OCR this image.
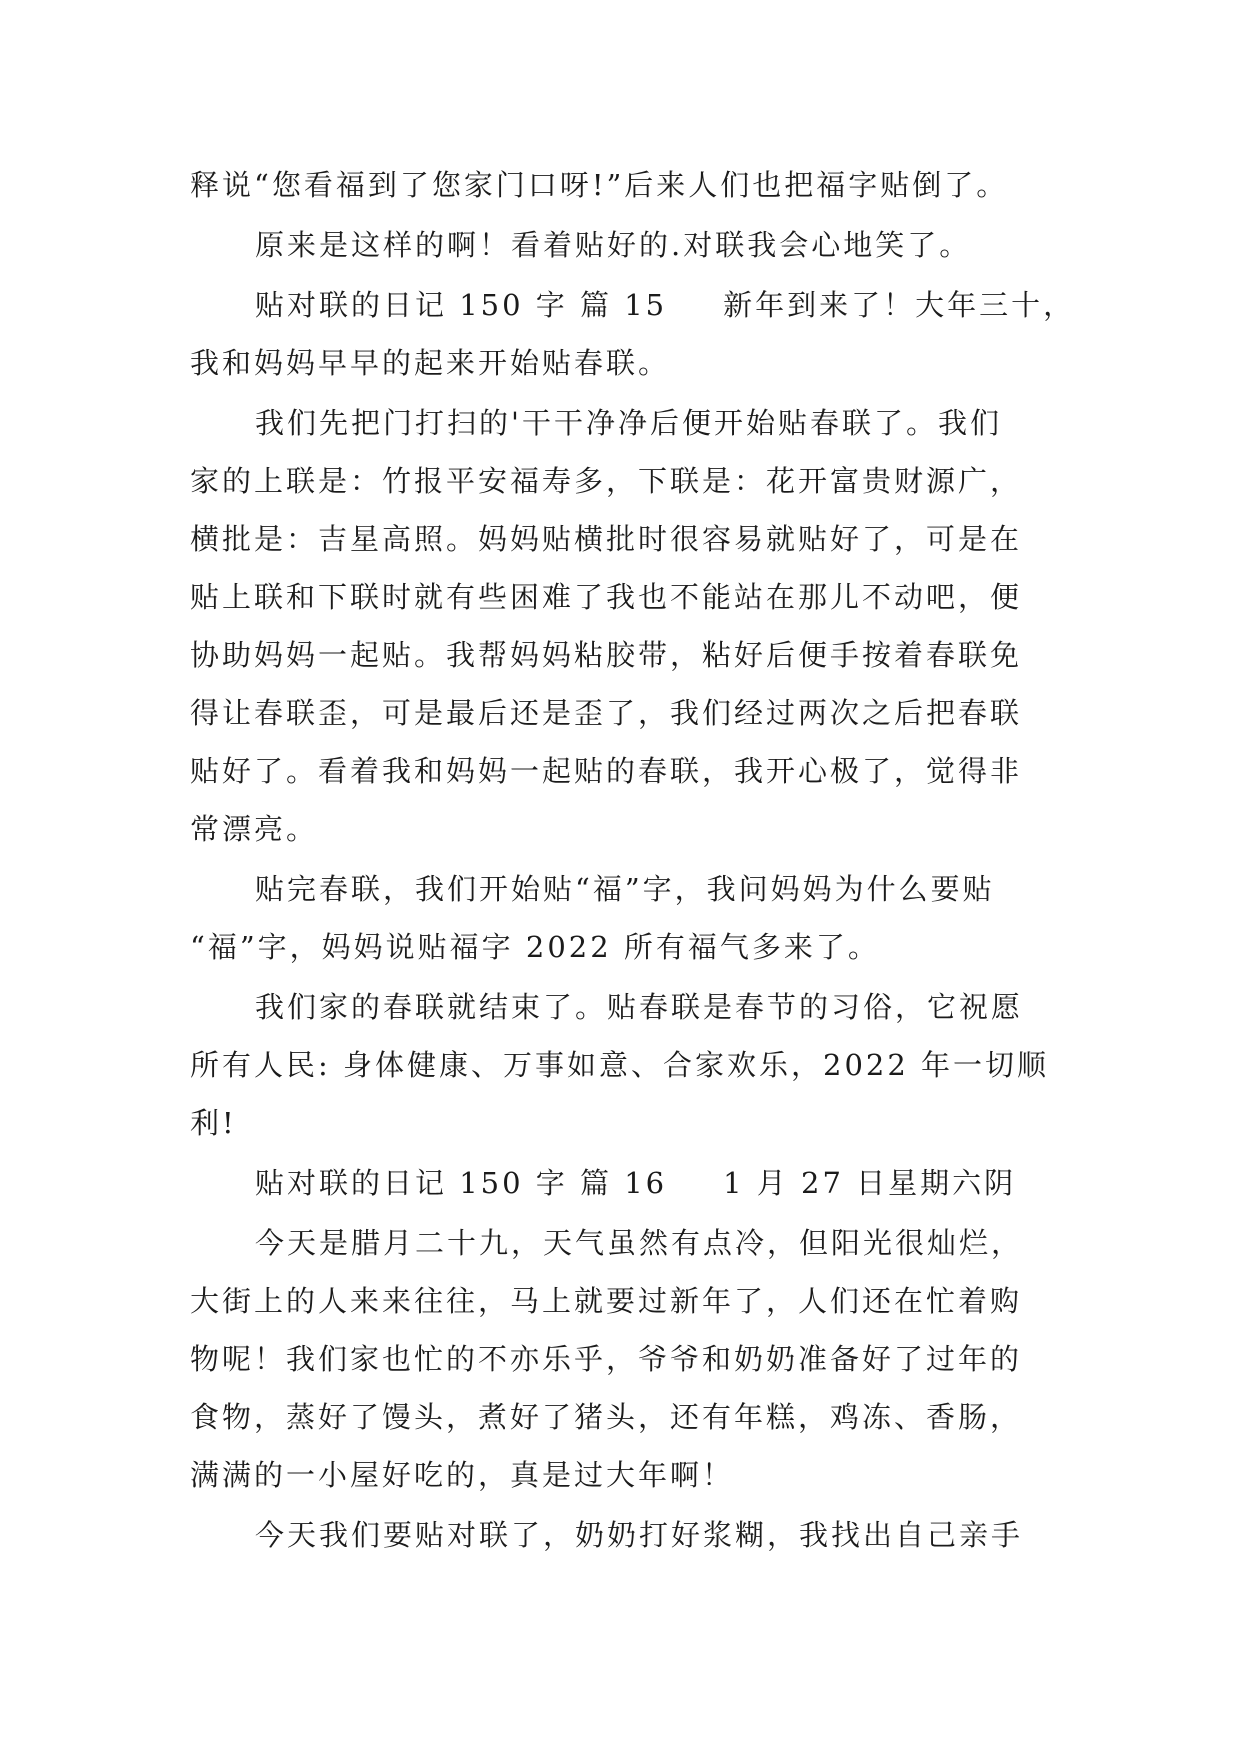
释说“您看福到了您家门口呀!”后来人们也把福字贴倒了。
原来是这样的啊！看着贴好的.对联我会心地笑了。
贴对联的日记 150 字 篇 15 新年到来了！大年三十，
我和妈妈早早的起来开始贴春联。
我们先把门打扫的'干干净净后便开始贴春联了。我们
家的上联是：竹报平安福寿多，下联是：花开富贵财源广，
横批是：吉星高照。妈妈贴横批时很容易就贴好了，可是在
贴上联和下联时就有些困难了我也不能站在那儿不动吧，便
协助妈妈一起贴。我帮妈妈粘胶带，粘好后便手按着春联免
得让春联歪，可是最后还是歪了，我们经过两次之后把春联
贴好了。看着我和妈妈一起贴的春联，我开心极了，觉得非
常漂亮。
贴完春联，我们开始贴“福”字，我问妈妈为什么要贴
“福”字，妈妈说贴福字 2022 所有福气多来了。
我们家的春联就结束了。贴春联是春节的习俗，它祝愿
所有人民: 身体健康、万事如意、合家欢乐，2022 年一切顺
利!
贴对联的日记 150 字 篇 16 1 月 27 日星期六阴
今天是腊月二十九，天气虽然有点冷，但阳光很灿烂，
大街上的人来来往往，马上就要过新年了，人们还在忙着购
物呢！我们家也忙的不亦乐乎，爷爷和奶奶准备好了过年的
食物，蒸好了馒头，煮好了猪头，还有年糕，鸡冻、香肠，
满满的一小屋好吃的，真是过大年啊！
今天我们要贴对联了，奶奶打好浆糊，我找出自己亲手
